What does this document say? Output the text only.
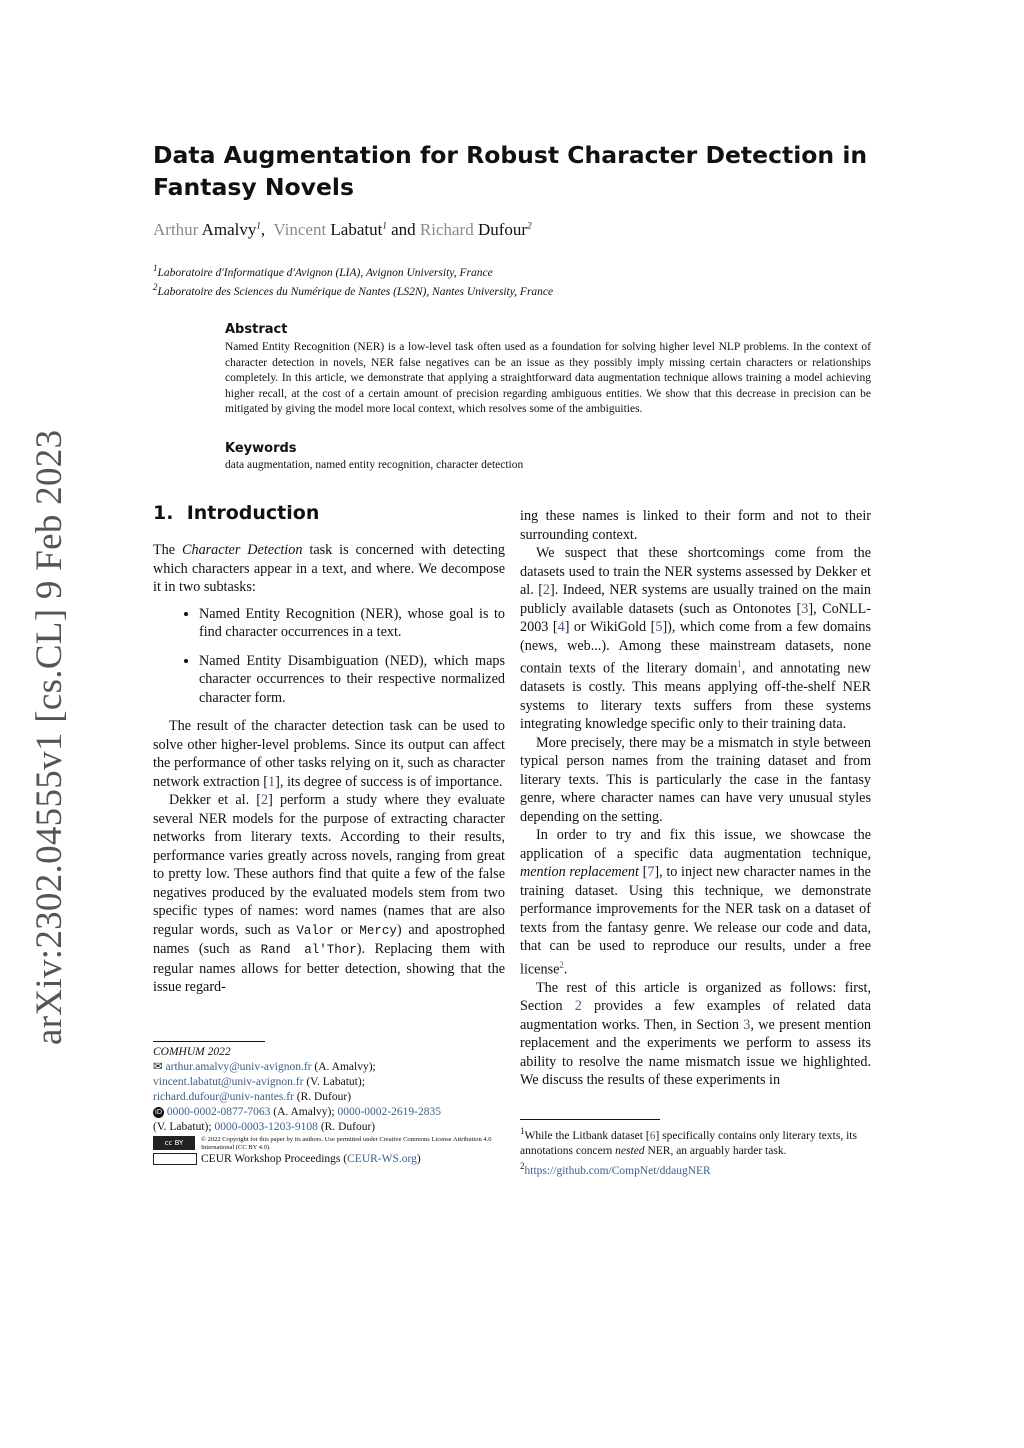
arXiv:2302.04555v1 [cs.CL] 9 Feb 2023
Data Augmentation for Robust Character Detection in Fantasy Novels
Arthur Amalvy$^1$, Vincent Labatut$^1$ and Richard Dufour$^2$
$^1$Laboratoire d'Informatique d'Avignon (LIA), Avignon University, France
$^2$Laboratoire des Sciences du Numérique de Nantes (LS2N), Nantes University, France
Abstract
Named Entity Recognition (NER) is a low-level task often used as a foundation for solving higher level NLP problems. In the context of character detection in novels, NER false negatives can be an issue as they possibly imply missing certain characters or relationships completely. In this article, we demonstrate that applying a straightforward data augmentation technique allows training a model achieving higher recall, at the cost of a certain amount of precision regarding ambiguous entities. We show that this decrease in precision can be mitigated by giving the model more local context, which resolves some of the ambiguities.
Keywords
data augmentation, named entity recognition, character detection
1. Introduction

The Character Detection task is concerned with detecting which characters appear in a text, and where. We decompose it in two subtasks:

• Named Entity Recognition (NER), whose goal is to find character occurrences in a text.
• Named Entity Disambiguation (NED), which maps character occurrences to their respective normalized character form.

The result of the character detection task can be used to solve other higher-level problems. Since its output can affect the performance of other tasks relying on it, such as character network extraction [1], its degree of success is of importance.

Dekker et al. [2] perform a study where they evaluate several NER models for the purpose of extracting character networks from literary texts. According to their results, performance varies greatly across novels, ranging from great to pretty low. These authors find that quite a few of the false negatives produced by the evaluated models stem from two specific types of names: word names (names that are also regular words, such as Valor or Mercy) and apostrophed names (such as Rand al'Thor). Replacing them with regular names allows for better detection, showing that the issue regard-

ing these names is linked to their form and not to their surrounding context.

We suspect that these shortcomings come from the datasets used to train the NER systems assessed by Dekker et al. [2]. Indeed, NER systems are usually trained on the main publicly available datasets (such as Ontonotes [3], CoNLL-2003 [4] or WikiGold [5]), which come from a few domains (news, web...). Among these mainstream datasets, none contain texts of the literary domain$^1$, and annotating new datasets is costly. This means applying off-the-shelf NER systems to literary texts suffers from these systems integrating knowledge specific only to their training data.

More precisely, there may be a mismatch in style between typical person names from the training dataset and from literary texts. This is particularly the case in the fantasy genre, where character names can have very unusual styles depending on the setting.

In order to try and fix this issue, we showcase the application of a specific data augmentation technique, mention replacement [7], to inject new character names in the training dataset. Using this technique, we demonstrate performance improvements for the NER task on a dataset of texts from the fantasy genre. We release our code and data, that can be used to reproduce our results, under a free license$^2$.

The rest of this article is organized as follows: first, Section 2 provides a few examples of related data augmentation works. Then, in Section 3, we present mention replacement and the experiments we perform to assess its ability to resolve the name mismatch issue we highlighted. We discuss the results of these experiments in

COMHUM 2022
✉ arthur.amalvy@univ-avignon.fr (A. Amalvy);
vincent.labatut@univ-avignon.fr (V. Labatut);
richard.dufour@univ-nantes.fr (R. Dufour)
iD 0000-0002-0877-7063 (A. Amalvy); 0000-0002-2619-2835
(V. Labatut); 0000-0003-1203-9108 (R. Dufour)
cc BY	© 2022 Copyright for this paper by its authors. Use permitted under Creative Commons License Attribution 4.0 International (CC BY 4.0).
CEUR Workshop Proceedings (CEUR-WS.org)
$^1$While the Litbank dataset [6] specifically contains only literary texts, its annotations concern nested NER, an arguably harder task.
$^2$https://github.com/CompNet/ddaugNER
